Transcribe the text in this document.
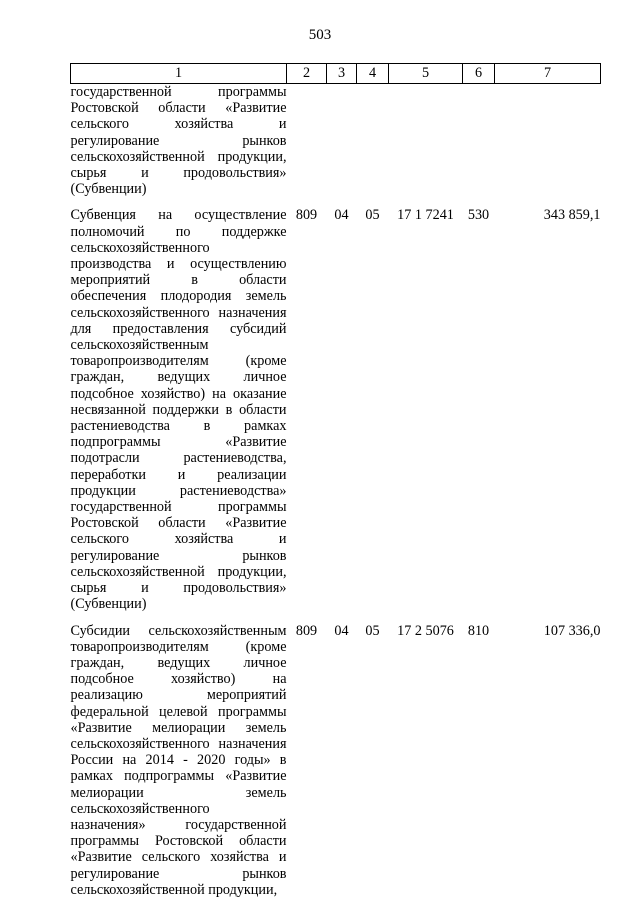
503
1	2	3	4	5	6	7
государственной программы Ростовской области «Развитие сельского хозяйства и регулирование рынков сельскохозяйственной продукции, сырья и продовольствия» (Субвенции)						
Субвенция на осуществление полномочий по поддержке сельскохозяйственного производства и осуществлению мероприятий в области обеспечения плодородия земель сельскохозяйственного назначения для предоставления субсидий сельскохозяйственным товаропроизводителям (кроме граждан, ведущих личное подсобное хозяйство) на оказание несвязанной поддержки в области растениеводства в рамках подпрограммы «Развитие подотрасли растениеводства, переработки и реализации продукции растениеводства» государственной программы Ростовской области «Развитие сельского хозяйства и регулирование рынков сельскохозяйственной продукции, сырья и продовольствия» (Субвенции)	809	04	05	17 1 7241	530	343 859,1
Субсидии сельскохозяйственным товаропроизводителям (кроме граждан, ведущих личное подсобное хозяйство) на реализацию мероприятий федеральной целевой программы «Развитие мелиорации земель сельскохозяйственного назначения России на 2014 - 2020 годы» в рамках подпрограммы «Развитие мелиорации земель сельскохозяйственного назначения» государственной программы Ростовской области «Развитие сельского хозяйства и регулирование рынков сельскохозяйственной продукции,	809	04	05	17 2 5076	810	107 336,0
